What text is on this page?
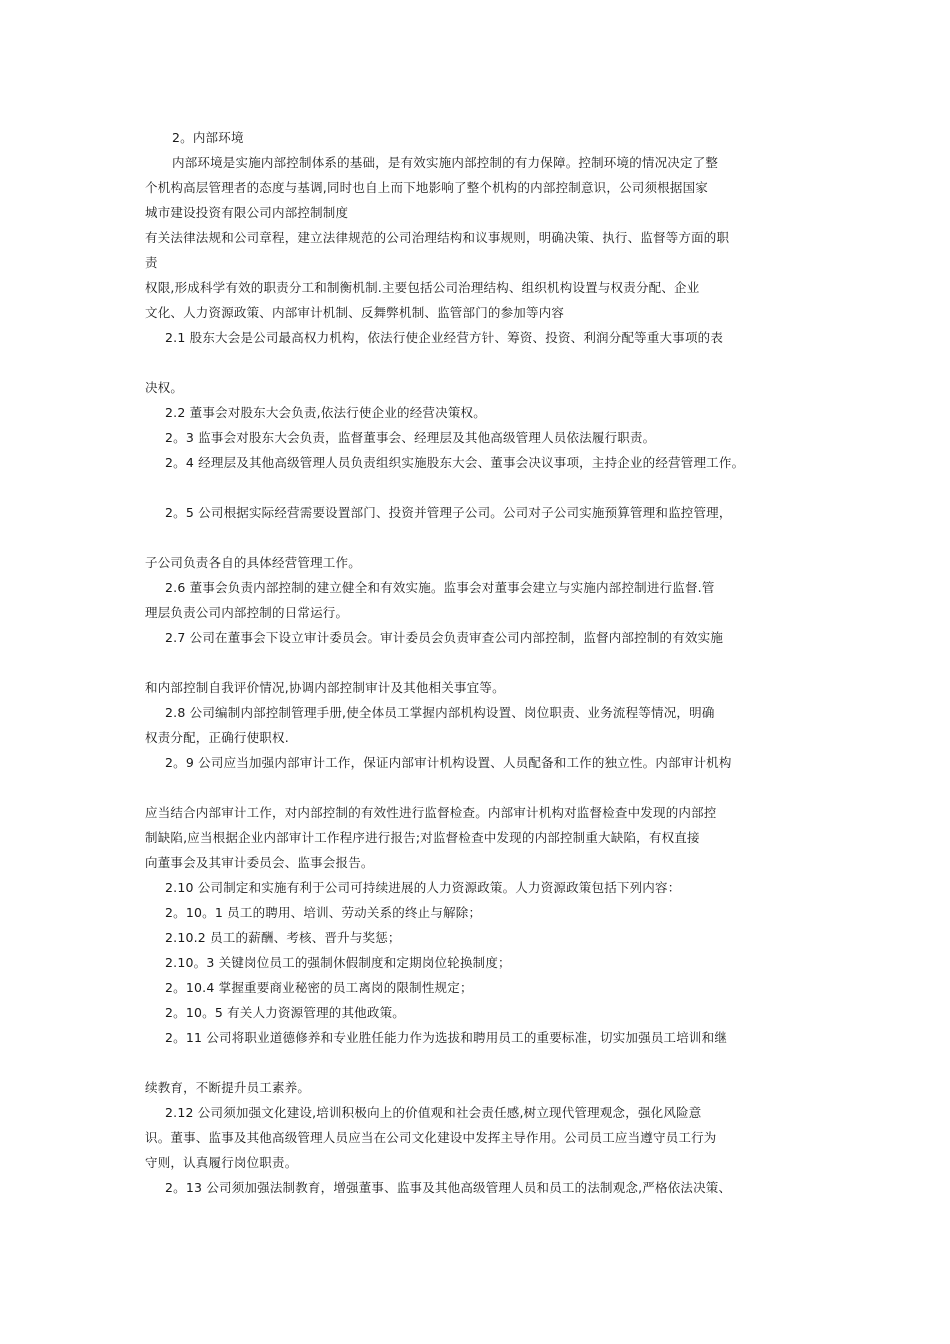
2。内部环境
内部环境是实施内部控制体系的基础，是有效实施内部控制的有力保障。控制环境的情况决定了整
个机构高层管理者的态度与基调,同时也自上而下地影响了整个机构的内部控制意识，公司须根据国家
城市建设投资有限公司内部控制制度
有关法律法规和公司章程，建立法律规范的公司治理结构和议事规则，明确决策、执行、监督等方面的职
责
权限,形成科学有效的职责分工和制衡机制.主要包括公司治理结构、组织机构设置与权责分配、企业
文化、人力资源政策、内部审计机制、反舞弊机制、监管部门的参加等内容
2.1 股东大会是公司最高权力机构，依法行使企业经营方针、筹资、投资、利润分配等重大事项的表
决权。
2.2 董事会对股东大会负责,依法行使企业的经营决策权。
2。3 监事会对股东大会负责，监督董事会、经理层及其他高级管理人员依法履行职责。
2。4 经理层及其他高级管理人员负责组织实施股东大会、董事会决议事项，主持企业的经营管理工作。
2。5 公司根据实际经营需要设置部门、投资并管理子公司。公司对子公司实施预算管理和监控管理，
子公司负责各自的具体经营管理工作。
2.6 董事会负责内部控制的建立健全和有效实施。监事会对董事会建立与实施内部控制进行监督.管
理层负责公司内部控制的日常运行。
2.7 公司在董事会下设立审计委员会。审计委员会负责审查公司内部控制，监督内部控制的有效实施
和内部控制自我评价情况,协调内部控制审计及其他相关事宜等。
2.8 公司编制内部控制管理手册,使全体员工掌握内部机构设置、岗位职责、业务流程等情况，明确
权责分配，正确行使职权.
2。9 公司应当加强内部审计工作，保证内部审计机构设置、人员配备和工作的独立性。内部审计机构
应当结合内部审计工作，对内部控制的有效性进行监督检查。内部审计机构对监督检查中发现的内部控
制缺陷,应当根据企业内部审计工作程序进行报告;对监督检查中发现的内部控制重大缺陷，有权直接
向董事会及其审计委员会、监事会报告。
2.10 公司制定和实施有利于公司可持续进展的人力资源政策。人力资源政策包括下列内容：
2。10。1 员工的聘用、培训、劳动关系的终止与解除；
2.10.2 员工的薪酬、考核、晋升与奖惩；
2.10。3 关键岗位员工的强制休假制度和定期岗位轮换制度；
2。10.4 掌握重要商业秘密的员工离岗的限制性规定；
2。10。5 有关人力资源管理的其他政策。
2。11 公司将职业道德修养和专业胜任能力作为选拔和聘用员工的重要标准，切实加强员工培训和继
续教育，不断提升员工素养。
2.12 公司须加强文化建设,培训积极向上的价值观和社会责任感,树立现代管理观念，强化风险意
识。董事、监事及其他高级管理人员应当在公司文化建设中发挥主导作用。公司员工应当遵守员工行为
守则，认真履行岗位职责。
2。13 公司须加强法制教育，增强董事、监事及其他高级管理人员和员工的法制观念,严格依法决策、
